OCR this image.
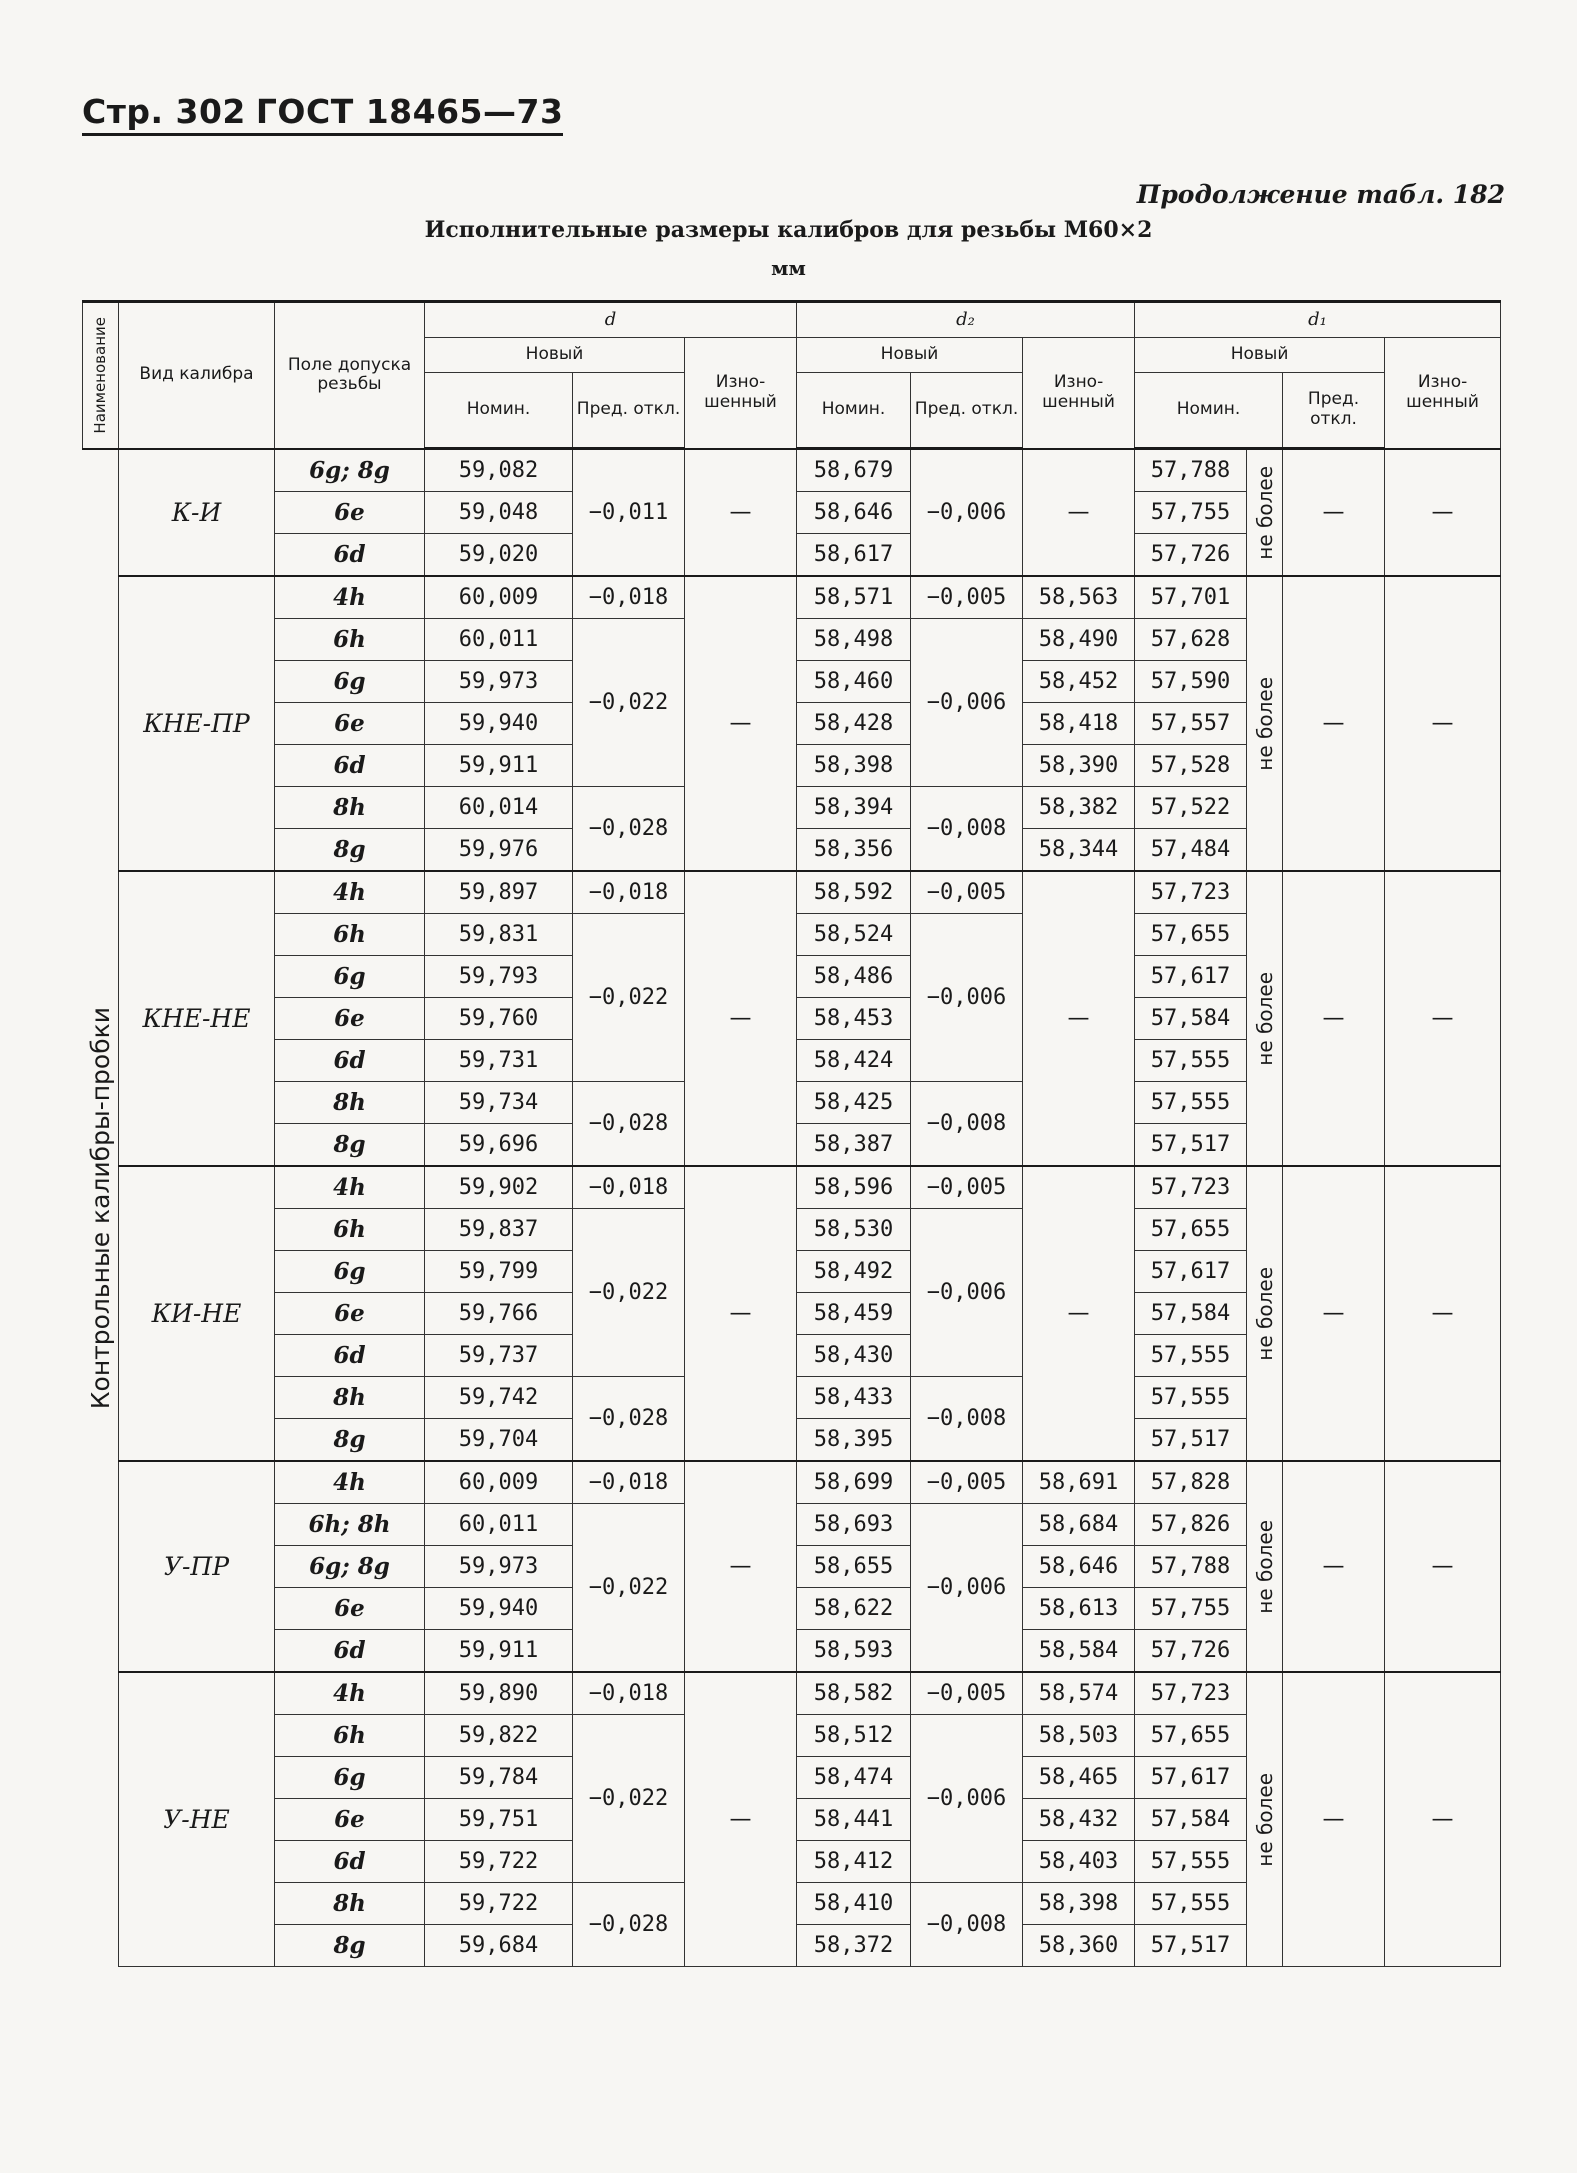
Стр. 302 ГОСТ 18465—73
Продолжение табл. 182
Исполнительные размеры калибров для резьбы М60×2
мм
Наименование	Вид калибра	Поле допуска резьбы	d			d₂			d₁			
			Новый		Изно-шенный	Новый		Изно-шенный	Новый			Изно-шенный
			Номин.	Пред. откл.		Номин.	Пред. откл.		Номин.		Пред. откл.	

Контрольные калибры-пробки	К-И	6g; 8g	59,082	−0,011	—	58,679	−0,006	—	57,788	не более	—	—
		6e	59,048			58,646			57,755			
		6d	59,020			58,617			57,726			
	КНЕ-ПР	4h	60,009	−0,018	—	58,571	−0,005	58,563	57,701	не более	—	—
		6h	60,011	−0,022		58,498	−0,006	58,490	57,628			
		6g	59,973			58,460		58,452	57,590			
		6e	59,940			58,428		58,418	57,557			
		6d	59,911			58,398		58,390	57,528			
		8h	60,014	−0,028		58,394	−0,008	58,382	57,522			
		8g	59,976			58,356		58,344	57,484			
	КНЕ-НЕ	4h	59,897	−0,018	—	58,592	−0,005	—	57,723	не более	—	—
		6h	59,831	−0,022		58,524	−0,006		57,655			
		6g	59,793			58,486			57,617			
		6e	59,760			58,453			57,584			
		6d	59,731			58,424			57,555			
		8h	59,734	−0,028		58,425	−0,008		57,555			
		8g	59,696			58,387			57,517			
	КИ-НЕ	4h	59,902	−0,018	—	58,596	−0,005	—	57,723	не более	—	—
		6h	59,837	−0,022		58,530	−0,006		57,655			
		6g	59,799			58,492			57,617			
		6e	59,766			58,459			57,584			
		6d	59,737			58,430			57,555			
		8h	59,742	−0,028		58,433	−0,008		57,555			
		8g	59,704			58,395			57,517			
	У-ПР	4h	60,009	−0,018	—	58,699	−0,005	58,691	57,828	не более	—	—
		6h; 8h	60,011	−0,022		58,693	−0,006	58,684	57,826			
		6g; 8g	59,973			58,655		58,646	57,788			
		6e	59,940			58,622		58,613	57,755			
		6d	59,911			58,593		58,584	57,726			
	У-НЕ	4h	59,890	−0,018	—	58,582	−0,005	58,574	57,723	не более	—	—
		6h	59,822	−0,022		58,512	−0,006	58,503	57,655			
		6g	59,784			58,474		58,465	57,617			
		6e	59,751			58,441		58,432	57,584			
		6d	59,722			58,412		58,403	57,555			
		8h	59,722	−0,028		58,410	−0,008	58,398	57,555			
		8g	59,684			58,372		58,360	57,517			
